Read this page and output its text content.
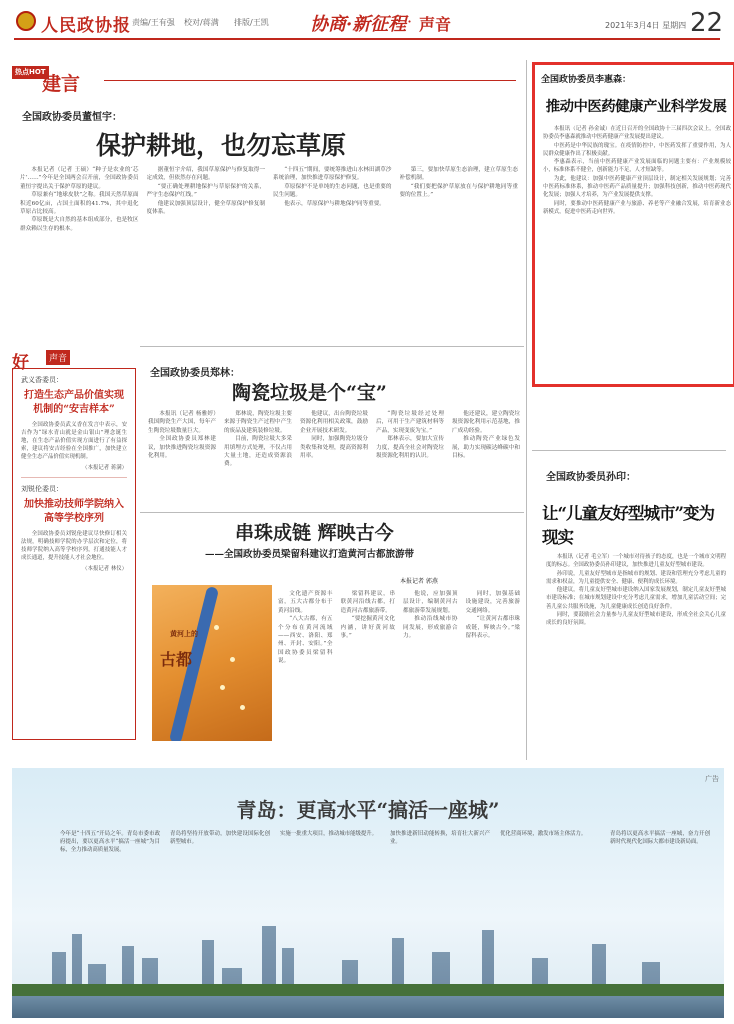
人民政协报 责编/王有强 校对/蒋满 排版/王凯 协商·新征程 · 声音	2021年3月4日 星期四 22
热点HOT
建言
全国政协委员董恒宇：
保护耕地，也勿忘草原
本报记者（记者 王硕）“种子是农业的‘芯片’……”今年是全国两会召开前，全国政协委员董恒宇提出关于保护草原的建议。
草原兼有“地球皮肤”之称。我国天然草原面积近60亿亩，占国土面积的41.7%，其中退化草原占比较高。
草原既是大自然的基本组成部分，也是牧区群众赖以生存的根本。
据董恒宇介绍，我国草原保护与修复取得一定成效，但依然存在问题。
“要正确处理耕地保护与草原保护的关系，严守生态保护红线。”
他建议加强顶层设计，健全草原保护修复制度体系。
“十四五”期间，要统筹推进山水林田湖草沙系统治理，加快推进草原保护修复。
草原保护不是单纯的生态问题，也是重要的民生问题。
他表示，草原保护与耕地保护同等重要。
第三，要加快草原生态治理，建立草原生态补偿机制。
“我们要把保护草原放在与保护耕地同等重要的位置上。”
全国政协委员李惠森：
推动中医药健康产业科学发展
本报讯（记者 孙金诚）在近日召开的全国政协十三届四次会议上，全国政协委员李惠森就推动中医药健康产业发展提出建议。
中医药是中华民族的瑰宝。在疫情防控中，中医药发挥了重要作用，为人民群众健康作出了积极贡献。
李惠森表示，当前中医药健康产业发展面临的问题主要有：产业规模较小，标准体系不健全，创新能力不足，人才短缺等。
为此，他建议：加强中医药健康产业顶层设计，制定相关发展规划；完善中医药标准体系，推动中医药产品质量提升；加强科技创新，推动中医药现代化发展；加强人才培养，为产业发展提供支撑。
同时，要推动中医药健康产业与旅游、养老等产业融合发展，培育新业态新模式，促进中医药走向世界。
好	声音
武义香委员：
打造生态产品价值实现机制的“安吉样本”
全国政协委员武义香在发言中表示，安吉作为“绿水青山就是金山银山”理念诞生地，在生态产品价值实现方面进行了有益探索，建议将安吉经验在全国推广，加快建立健全生态产品价值实现机制。
（本报记者 蒋满）
刘锐伦委员：
加快推动技师学院纳入高等学校序列
全国政协委员刘锐伦建议尽快修订相关法规，明确技师学院的办学层次和定位，将技师学院纳入高等学校序列，打通技能人才成长通道，提升技能人才社会地位。
（本报记者 林仪）
全国政协委员郑林：
陶瓷垃圾是个“宝”
本报讯（记者 杨雅婷）我国陶瓷生产大国，每年产生陶瓷垃圾数量巨大。
全国政协委员郑林建议，加快推进陶瓷垃圾资源化利用。
郑林说，陶瓷垃圾主要来源于陶瓷生产过程中产生的废品及建筑装修垃圾。
目前，陶瓷垃圾大多采用填埋方式处理，不仅占用大量土地，还造成资源浪费。
他建议，出台陶瓷垃圾资源化利用相关政策，鼓励企业开展技术研发。
同时，加强陶瓷垃圾分类收集和处理，提高资源利用率。
“陶瓷垃圾经过处理后，可用于生产建筑材料等产品，实现变废为宝。”
郑林表示，要加大宣传力度，提高全社会对陶瓷垃圾资源化利用的认识。
他还建议，建立陶瓷垃圾资源化利用示范基地，推广成功经验。
推动陶瓷产业绿色发展，助力实现碳达峰碳中和目标。
串珠成链 辉映古今
——全国政协委员梁留科建议打造黄河古都旅游带
黄河上的
古都
本报记者 郭燕
文化遗产资源丰富，五大古都分布于黄河沿线。
“八大古都，有五个分布在黄河流域——西安、洛阳、郑州、开封、安阳。”全国政协委员梁留科说。
梁留科建议，串联黄河沿线古都，打造黄河古都旅游带。
“要挖掘黄河文化内涵，讲好黄河故事。”
他说，应加强顶层设计，编制黄河古都旅游带发展规划。
推动沿线城市协同发展，形成旅游合力。
同时，加强基础设施建设，完善旅游交通网络。
“让黄河古都串珠成链，辉映古今。”梁留科表示。
全国政协委员孙印：
让“儿童友好型城市”变为现实
本报讯（记者 毛立军）一个城市对待孩子的态度，也是一个城市文明程度的标志。全国政协委员孙印建议，加快推进儿童友好型城市建设。
孙印说，儿童友好型城市是指城市的规划、建设和管理充分考虑儿童的需求和权益，为儿童提供安全、健康、便利的成长环境。
他建议，将儿童友好型城市建设纳入国家发展规划，制定儿童友好型城市建设标准；在城市规划建设中充分考虑儿童需求，增加儿童活动空间；完善儿童公共服务设施，为儿童健康成长创造良好条件。
同时，要鼓励社会力量参与儿童友好型城市建设，形成全社会关心儿童成长的良好氛围。
广告
青岛：更高水平“搞活一座城”
今年是“十四五”开局之年。青岛市委市政府提出，要以更高水平“搞活一座城”为目标，全力推动高质量发展。
青岛将坚持开放带动，加快建设国际化创新型城市。
实施一批重大项目，推动城市能级提升。	加快推进新旧动能转换，培育壮大新兴产业。
优化营商环境，激发市场主体活力。	青岛将以更高水平搞活一座城，奋力开创新时代现代化国际大都市建设新局面。
